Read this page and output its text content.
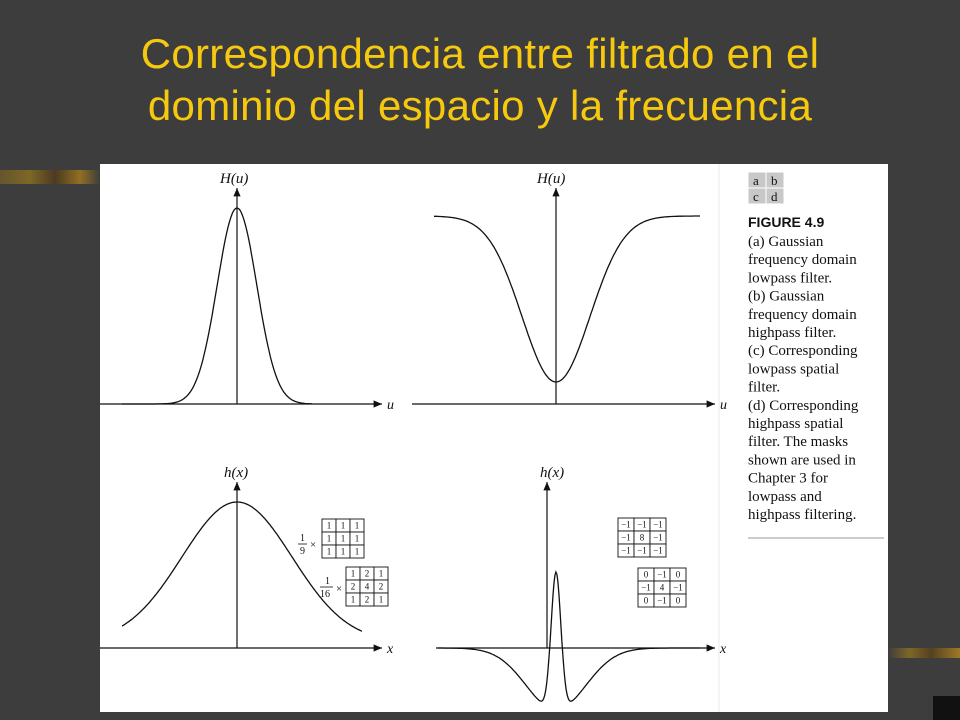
Correspondencia entre filtrado en el
dominio del espacio y la frecuencia
H(u)
u
H(u)
u
h(x)
x
1
9
×
1 1 1
1 1 1
1 1 1
1
16 ×
1 2 1
2 4 2
1 2 1
h(x)
x
−1 −1 −1
−1 8 −1
−1 −1 −1
0 −1 0
−1 4 −1
0 −1 0
a b
c d
FIGURE 4.9
(a) Gaussian
frequency domain
lowpass filter.
(b) Gaussian
frequency domain
highpass filter.
(c) Corresponding
lowpass spatial
filter.
(d) Corresponding
highpass spatial
filter. The masks
shown are used in
Chapter 3 for
lowpass and
highpass filtering.
